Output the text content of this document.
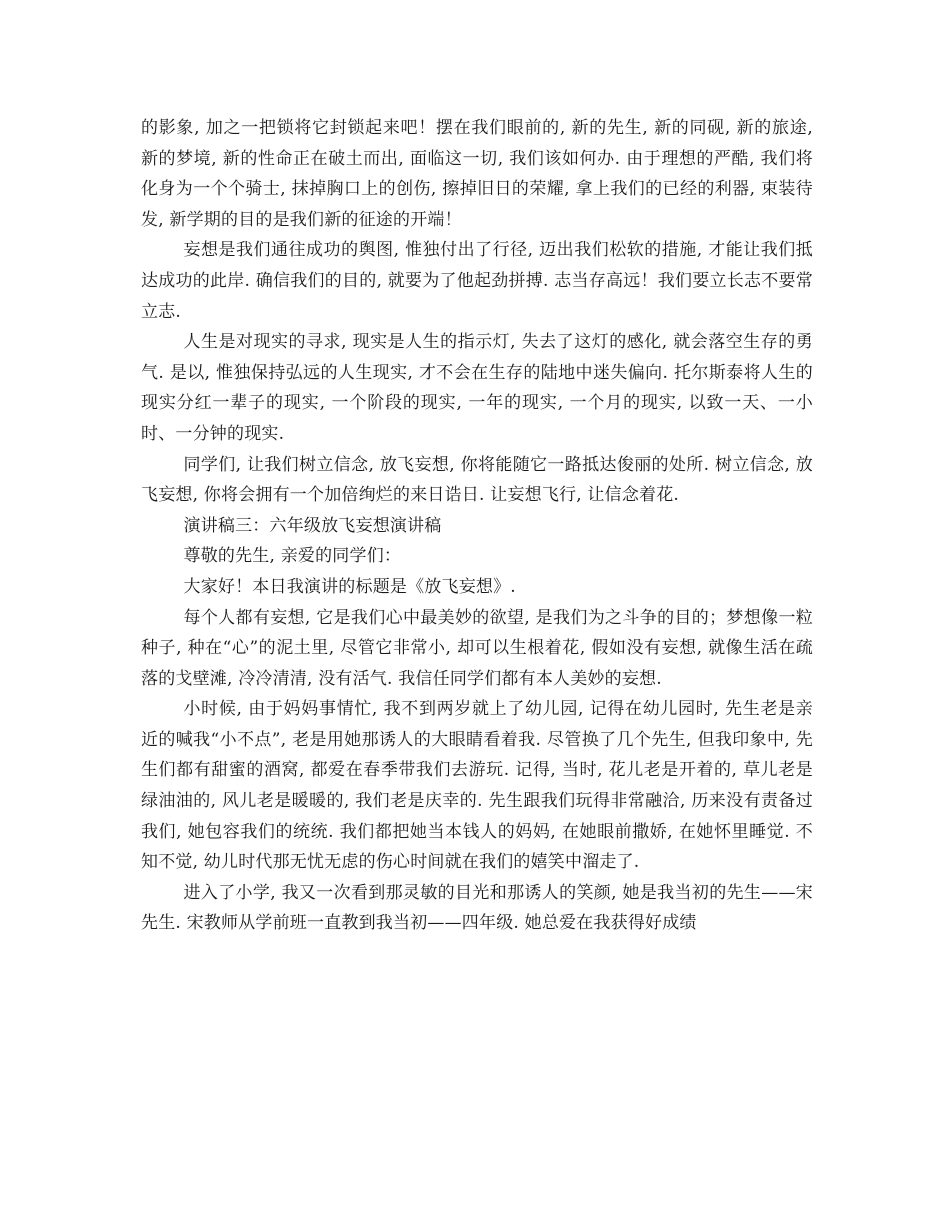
的影象, 加之一把锁将它封锁起来吧！摆在我们眼前的, 新的先生, 新的同砚, 新的旅途, 新的梦境, 新的性命正在破土而出, 面临这一切, 我们该如何办. 由于理想的严酷, 我们将化身为一个个骑士, 抹掉胸口上的创伤, 擦掉旧日的荣耀, 拿上我们的已经的利器, 束装待发, 新学期的目的是我们新的征途的开端！

妄想是我们通往成功的舆图, 惟独付出了行径, 迈出我们松软的措施, 才能让我们抵达成功的此岸. 确信我们的目的, 就要为了他起劲拼搏. 志当存高远！我们要立长志不要常立志.

人生是对现实的寻求, 现实是人生的指示灯, 失去了这灯的感化, 就会落空生存的勇气. 是以, 惟独保持弘远的人生现实, 才不会在生存的陆地中迷失偏向. 托尔斯泰将人生的现实分红一辈子的现实, 一个阶段的现实, 一年的现实, 一个月的现实, 以致一天、一小时、一分钟的现实.

同学们, 让我们树立信念, 放飞妄想, 你将能随它一路抵达俊丽的处所. 树立信念, 放飞妄想, 你将会拥有一个加倍绚烂的来日诰日. 让妄想飞行, 让信念着花.

演讲稿三：六年级放飞妄想演讲稿

尊敬的先生, 亲爱的同学们：

大家好！本日我演讲的标题是《放飞妄想》.

每个人都有妄想, 它是我们心中最美妙的欲望, 是我们为之斗争的目的；梦想像一粒种子, 种在“心”的泥土里, 尽管它非常小, 却可以生根着花, 假如没有妄想, 就像生活在疏落的戈壁滩, 冷冷清清, 没有活气. 我信任同学们都有本人美妙的妄想.

小时候, 由于妈妈事情忙, 我不到两岁就上了幼儿园, 记得在幼儿园时, 先生老是亲近的喊我“小不点”, 老是用她那诱人的大眼睛看着我. 尽管换了几个先生, 但我印象中, 先生们都有甜蜜的酒窝, 都爱在春季带我们去游玩. 记得, 当时, 花儿老是开着的, 草儿老是绿油油的, 风儿老是暖暖的, 我们老是庆幸的. 先生跟我们玩得非常融洽, 历来没有责备过我们, 她包容我们的统统. 我们都把她当本钱人的妈妈, 在她眼前撒娇, 在她怀里睡觉. 不知不觉, 幼儿时代那无忧无虑的伤心时间就在我们的嬉笑中溜走了.

进入了小学, 我又一次看到那灵敏的目光和那诱人的笑颜, 她是我当初的先生——宋先生. 宋教师从学前班一直教到我当初——四年级. 她总爱在我获得好成绩
